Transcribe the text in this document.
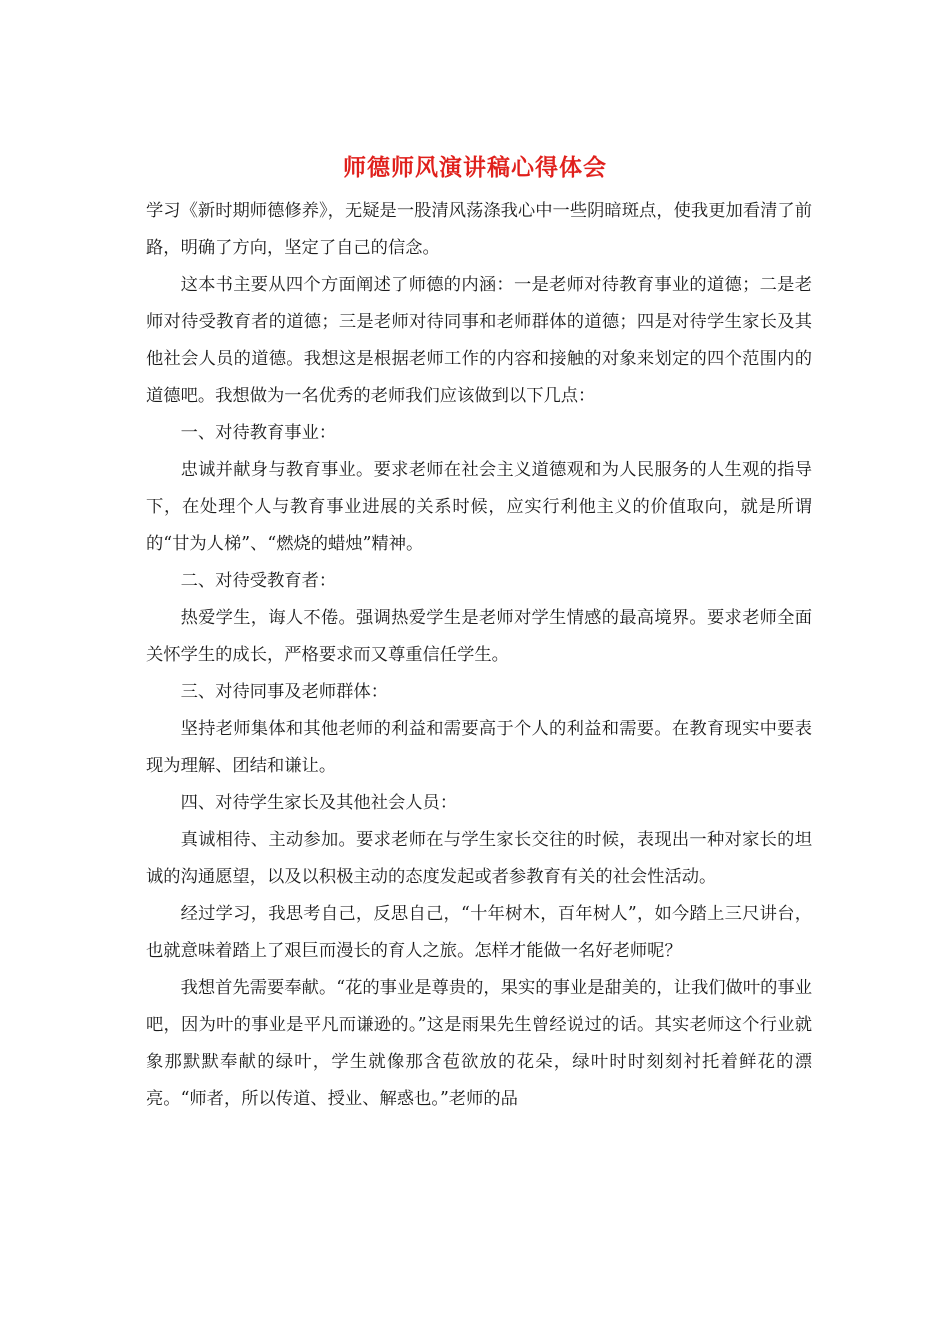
师德师风演讲稿心得体会

学习《新时期师德修养》，无疑是一股清风荡涤我心中一些阴暗斑点，使我更加看清了前路，明确了方向，坚定了自己的信念。

这本书主要从四个方面阐述了师德的内涵：一是老师对待教育事业的道德；二是老师对待受教育者的道德；三是老师对待同事和老师群体的道德；四是对待学生家长及其他社会人员的道德。我想这是根据老师工作的内容和接触的对象来划定的四个范围内的道德吧。我想做为一名优秀的老师我们应该做到以下几点：

一、对待教育事业：

忠诚并献身与教育事业。要求老师在社会主义道德观和为人民服务的人生观的指导下，在处理个人与教育事业进展的关系时候，应实行利他主义的价值取向，就是所谓的“甘为人梯”、“燃烧的蜡烛”精神。

二、对待受教育者：

热爱学生，诲人不倦。强调热爱学生是老师对学生情感的最高境界。要求老师全面关怀学生的成长，严格要求而又尊重信任学生。

三、对待同事及老师群体：

坚持老师集体和其他老师的利益和需要高于个人的利益和需要。在教育现实中要表现为理解、团结和谦让。

四、对待学生家长及其他社会人员：

真诚相待、主动参加。要求老师在与学生家长交往的时候，表现出一种对家长的坦诚的沟通愿望，以及以积极主动的态度发起或者参教育有关的社会性活动。

经过学习，我思考自己，反思自己，“十年树木，百年树人”，如今踏上三尺讲台，也就意味着踏上了艰巨而漫长的育人之旅。怎样才能做一名好老师呢？

我想首先需要奉献。“花的事业是尊贵的，果实的事业是甜美的，让我们做叶的事业吧，因为叶的事业是平凡而谦逊的。”这是雨果先生曾经说过的话。其实老师这个行业就象那默默奉献的绿叶，学生就像那含苞欲放的花朵，绿叶时时刻刻衬托着鲜花的漂亮。“师者，所以传道、授业、解惑也。”老师的品
